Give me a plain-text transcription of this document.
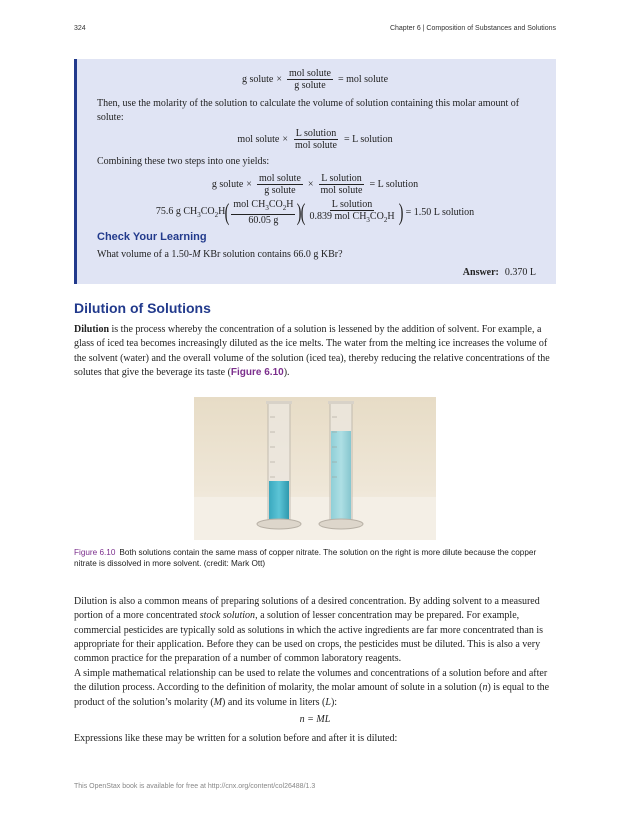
324	Chapter 6 | Composition of Substances and Solutions
g solute × $\frac{\text{mol solute}}{\text{g solute}}$ = mol solute
Then, use the molarity of the solution to calculate the volume of solution containing this molar amount of solute:
mol solute × $\frac{\text{L solution}}{\text{mol solute}} = L$ solution
Combining these two steps into one yields:
g solute × $\frac{\text{mol solute}}{\text{g solute}} \times \frac{\text{L solution}}{\text{mol solute}} = L$ solution
75.6 g $CH_3CO_2H$ ( $\frac{mol CH_3CO_2H}{60.05 g}$ ) ( $\frac{\text{L solution}}{0.839 mol CH_3CO_2H}$ ) = 1.50 L solution
Check Your Learning
What volume of a 1.50-M KBr solution contains 66.0 g KBr?
Answer: 0.370 L
Dilution of Solutions
Dilution is the process whereby the concentration of a solution is lessened by the addition of solvent. For example, a glass of iced tea becomes increasingly diluted as the ice melts. The water from the melting ice increases the volume of the solvent (water) and the overall volume of the solution (iced tea), thereby reducing the relative concentrations of the solutes that give the beverage its taste (Figure 6.10).
Figure 6.10 Both solutions contain the same mass of copper nitrate. The solution on the right is more dilute because the copper nitrate is dissolved in more solvent. (credit: Mark Ott)
Dilution is also a common means of preparing solutions of a desired concentration. By adding solvent to a measured portion of a more concentrated stock solution, a solution of lesser concentration may be prepared. For example, commercial pesticides are typically sold as solutions in which the active ingredients are far more concentrated than is appropriate for their application. Before they can be used on crops, the pesticides must be diluted. This is also a very common practice for the preparation of a number of common laboratory reagents.
A simple mathematical relationship can be used to relate the volumes and concentrations of a solution before and after the dilution process. According to the definition of molarity, the molar amount of solute in a solution (n) is equal to the product of the solution’s molarity (M) and its volume in liters (L):
n = ML
Expressions like these may be written for a solution before and after it is diluted:
This OpenStax book is available for free at http://cnx.org/content/col26488/1.3
